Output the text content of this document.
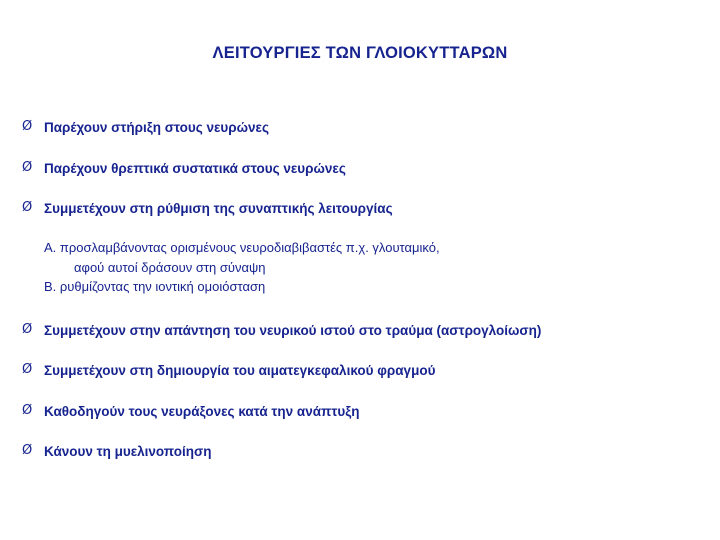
ΛΕΙΤΟΥΡΓΙΕΣ ΤΩΝ ΓΛΟΙΟΚΥΤΤΑΡΩΝ
Ø Παρέχουν στήριξη στους νευρώνες
Ø Παρέχουν θρεπτικά συστατικά στους νευρώνες
Ø Συμμετέχουν στη ρύθμιση της συναπτικής λειτουργίας
Α. προσλαμβάνοντας ορισμένους νευροδιαβιβαστές π.χ. γλουταμικό,
αφού αυτοί δράσουν στη σύναψη
Β. ρυθμίζοντας την ιοντική ομοιόσταση
Ø Συμμετέχουν στην απάντηση του νευρικού ιστού στο τραύμα (αστρογλοίωση)
Ø Συμμετέχουν στη δημιουργία του αιματεγκεφαλικού φραγμού
Ø Καθοδηγούν τους νευράξονες κατά την ανάπτυξη
Ø Κάνουν τη μυελινοποίηση
